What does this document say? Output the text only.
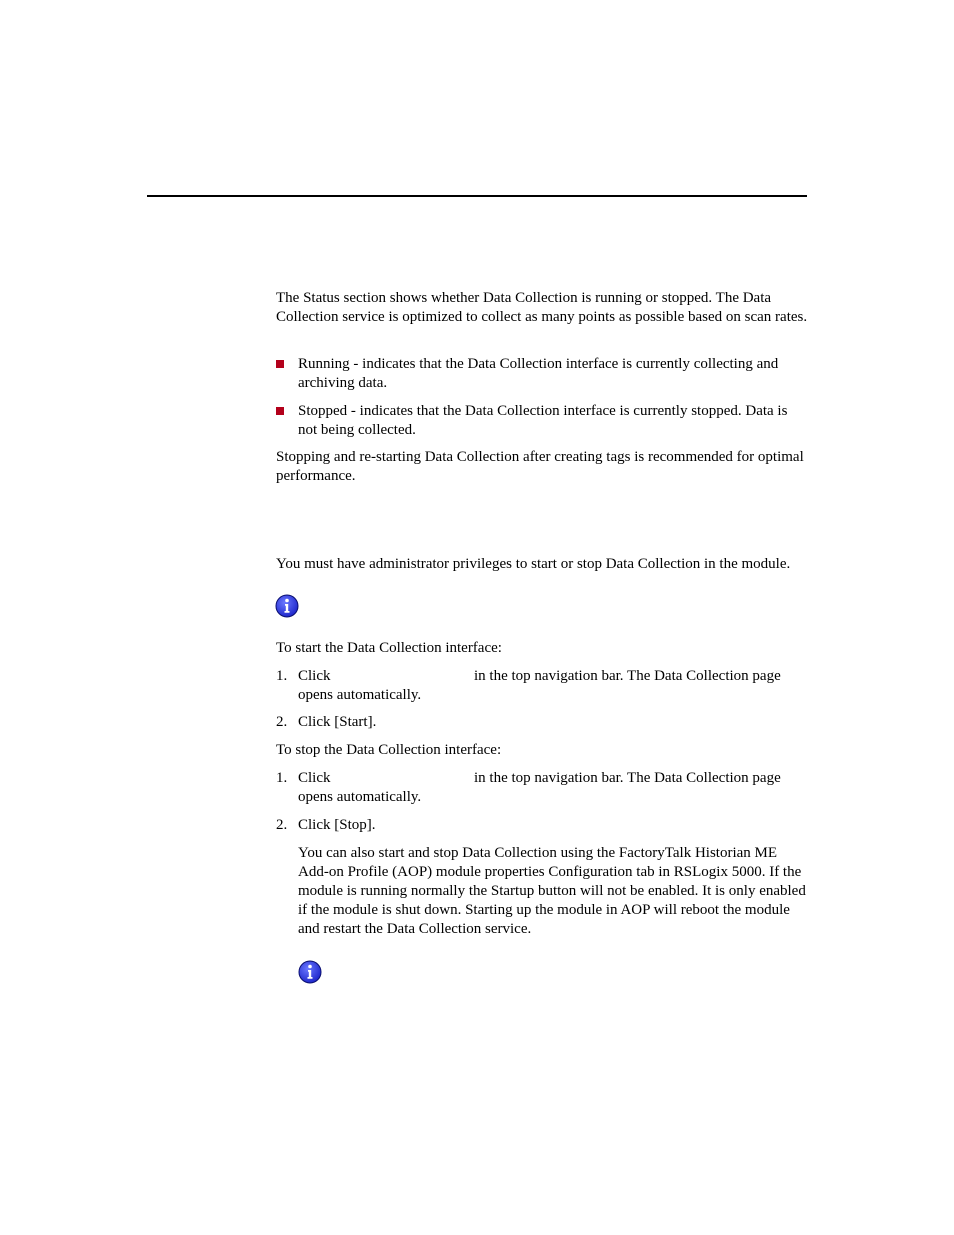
The Status section shows whether Data Collection is running or stopped. The Data Collection service is optimized to collect as many points as possible based on scan rates.
Running - indicates that the Data Collection interface is currently collecting and archiving data.
Stopped - indicates that the Data Collection interface is currently stopped. Data is not being collected.
Stopping and re-starting Data Collection after creating tags is recommended for optimal performance.
You must have administrator privileges to start or stop Data Collection in the module.
To start the Data Collection interface:
1. Click	in the top navigation bar. The Data Collection page
opens automatically.
2. Click [Start].
To stop the Data Collection interface:
1. Click	in the top navigation bar. The Data Collection page
opens automatically.
2. Click [Stop].
You can also start and stop Data Collection using the FactoryTalk Historian ME Add-on Profile (AOP) module properties Configuration tab in RSLogix 5000. If the module is running normally the Startup button will not be enabled. It is only enabled if the module is shut down. Starting up the module in AOP will reboot the module and restart the Data Collection service.
